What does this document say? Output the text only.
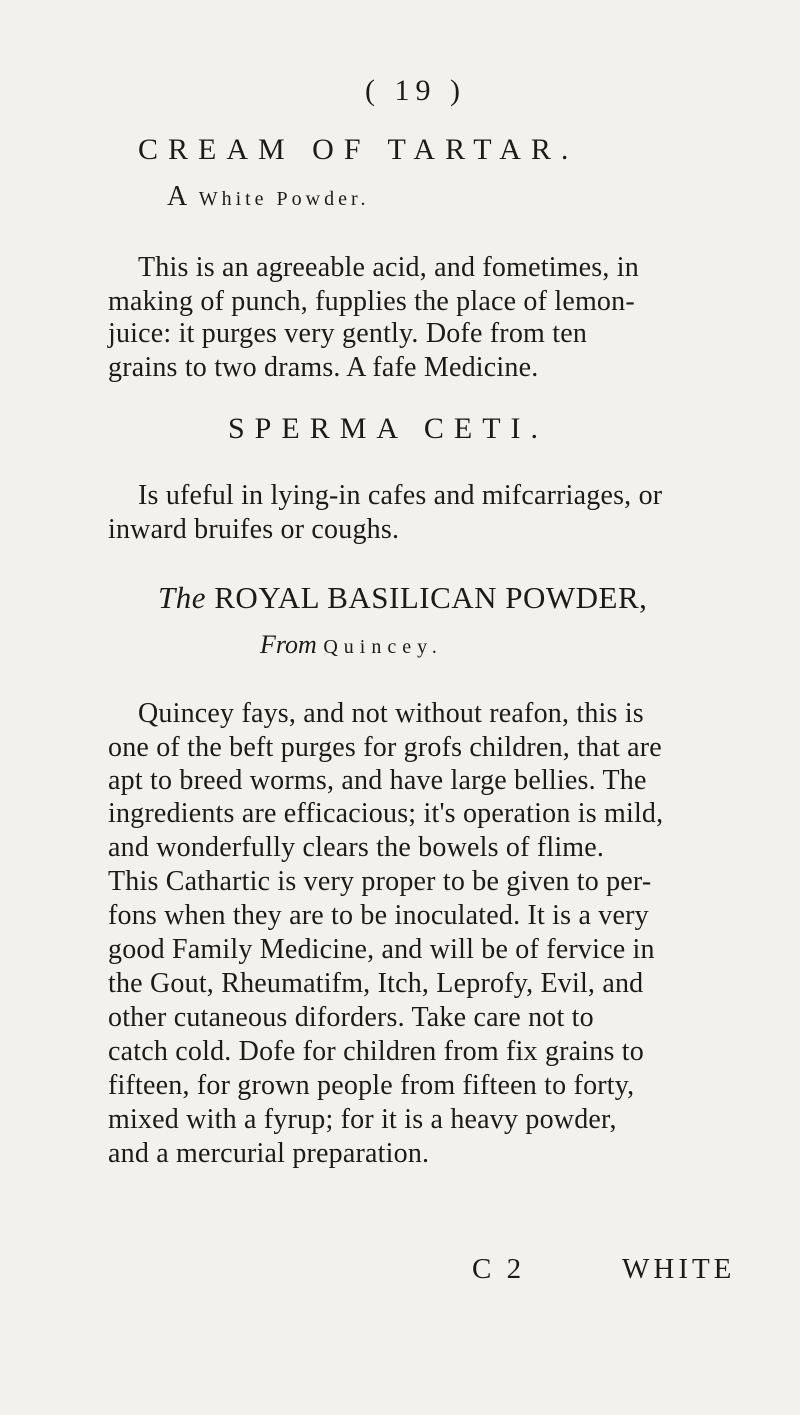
( 19 )
CREAM OF TARTAR.
A White Powder.
This is an agreeable acid, and fometimes, in
making of punch, fupplies the place of lemon-
juice: it purges very gently. Dofe from ten
grains to two drams. A fafe Medicine.
SPERMA CETI.
Is ufeful in lying-in cafes and mifcarriages, or
inward bruifes or coughs.
The ROYAL BASILICAN POWDER,
From Quincey.
Quincey fays, and not without reafon, this is
one of the beft purges for grofs children, that are
apt to breed worms, and have large bellies. The
ingredients are efficacious; it's operation is mild,
and wonderfully clears the bowels of flime.
This Cathartic is very proper to be given to per-
fons when they are to be inoculated. It is a very
good Family Medicine, and will be of fervice in
the Gout, Rheumatifm, Itch, Leprofy, Evil, and
other cutaneous diforders. Take care not to
catch cold. Dofe for children from fix grains to
fifteen, for grown people from fifteen to forty,
mixed with a fyrup; for it is a heavy powder,
and a mercurial preparation.
C 2	WHITE
